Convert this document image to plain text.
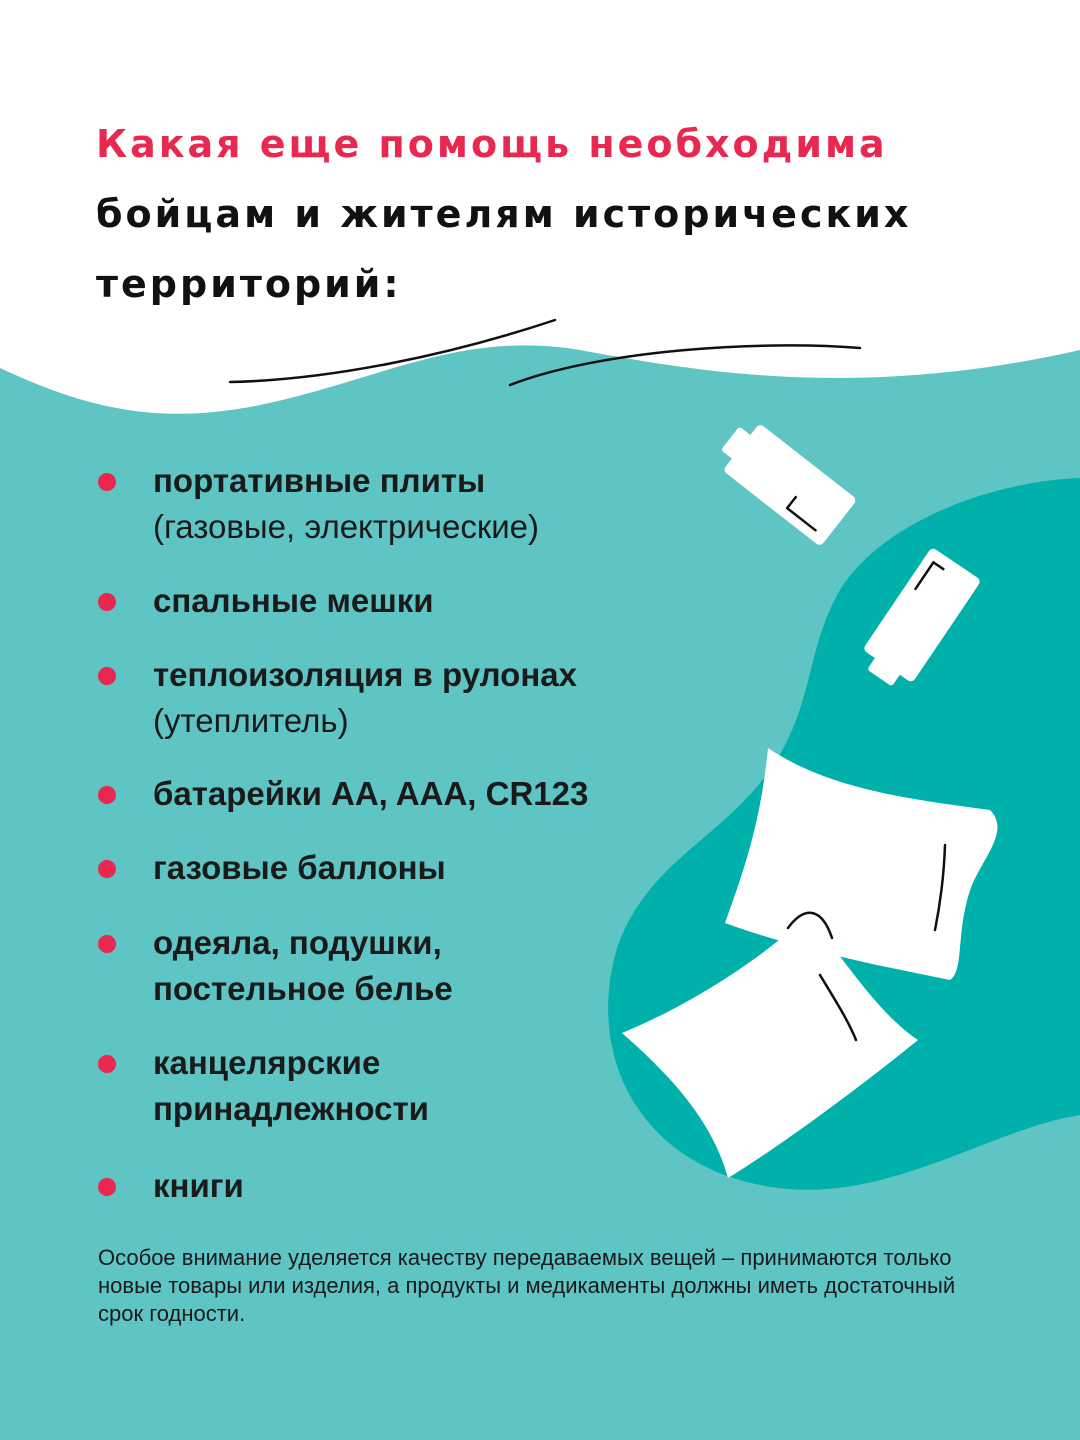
Какая еще помощь необходима
бойцам и жителям исторических
территорий:
портативные плиты
(газовые, электрические)
спальные мешки
теплоизоляция в рулонах
(утеплитель)
батарейки AA, AAA, CR123
газовые баллоны
одеяла, подушки,
постельное белье
канцелярские
принадлежности
книги

Особое внимание уделяется качеству передаваемых вещей – принимаются только новые товары или изделия, а продукты и медикаменты должны иметь достаточный срок годности.
